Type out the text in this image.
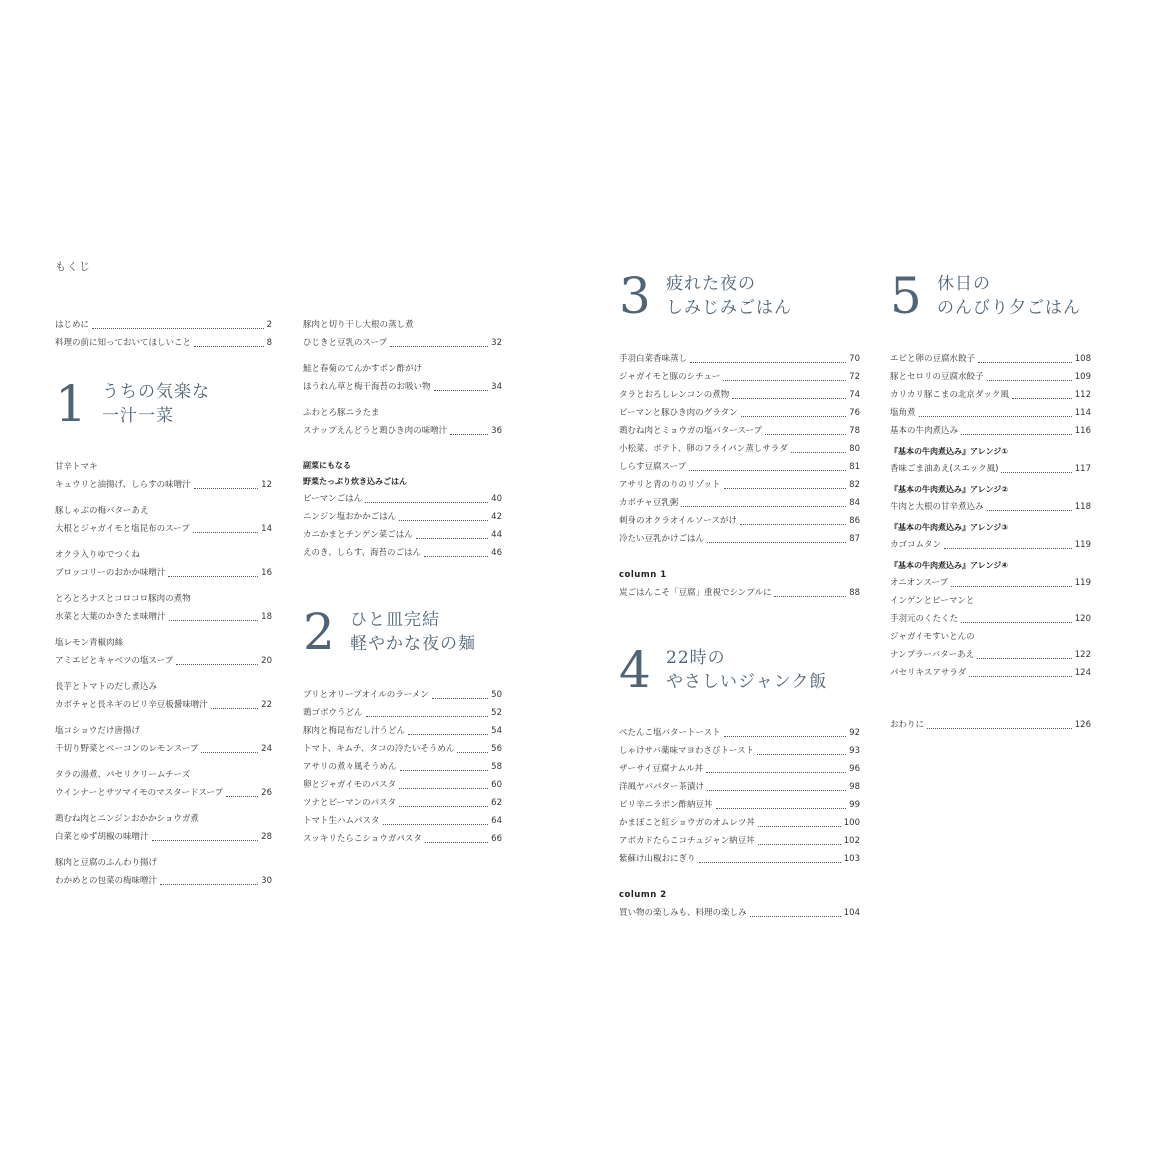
もくじ
はじめに	2
料理の前に知っておいてほしいこと	8
1 うちの気楽な
一汁一菜
甘辛トマキ
キュウリと油揚げ、しらすの味噌汁	12
豚しゃぶの梅バターあえ
大根とジャガイモと塩昆布のスープ	14
オクラ入りゆでつくね
ブロッコリーのおかか味噌汁	16
とろとろナスとコロコロ豚肉の煮物
水菜と大葉のかきたま味噌汁	18
塩レモン青椒肉絲
アミエビとキャベツの塩スープ	20
長芋とトマトのだし煮込み
カボチャと長ネギのピリ辛豆板醤味噌汁	22
塩コショウだけ唐揚げ
千切り野菜とベーコンのレモンスープ	24
タラの湯煮、パセリクリームチーズ
ウインナーとサツマイモのマスタードスープ	26
鶏むね肉とニンジンおかかショウガ煮
白菜とゆず胡椒の味噌汁	28
豚肉と豆腐のふんわり揚げ
わかめとの包菜の梅味噌汁	30
豚肉と切り干し大根の蒸し煮
ひじきと豆乳のスープ	32
鮭と春菊のてんかすポン酢がけ
ほうれん草と梅干海苔のお吸い物	34
ふわとろ豚ニラたま
スナップえんどうと鶏ひき肉の味噌汁	36
副菜にもなる
野菜たっぷり炊き込みごはん
ピーマンごはん	40
ニンジン塩おかかごはん	42
カニかまとチンゲン菜ごはん	44
えのき、しらす、海苔のごはん	46
2 ひと皿完結
軽やかな夜の麺
ブリとオリーブオイルのラーメン	50
鶏ゴボウうどん	52
豚肉と梅昆布だし汁うどん	54
トマト、キムチ、タコの冷たいそうめん	56
アサリの煮々風そうめん	58
卵とジャガイモのパスタ	60
ツナとピーマンのパスタ	62
トマト生ハムパスタ	64
スッキリたらこショウガパスタ	66
3 疲れた夜の
しみじみごはん
手羽白菜香味蒸し	70
ジャガイモと豚のシチュー	72
タラとおろしレンコンの煮物	74
ピーマンと豚ひき肉のグラタン	76
鶏むね肉とミョウガの塩バタースープ	78
小松菜、ポテト、卵のフライパン蒸しサラダ	80
しらす豆腐スープ	81
アサリと青のりのリゾット	82
カボチャ豆乳粥	84
刺身のオクラオイルソースがけ	86
冷たい豆乳かけごはん	87
column 1
炭ごはんこそ「豆腐」重視でシンプルに	88
4 22時の
やさしいジャンク飯
ぺたんこ塩バタートースト	92
しゃけサバ薬味マヨわさびトースト	93
ザーサイ豆腐ナムル丼	96
洋風ヤバパター茶漬け	98
ピリ辛ニラポン酢納豆丼	99
かまぼこと紅ショウガのオムレツ丼	100
アボカドたらこコチュジャン納豆丼	102
紫蘇け山椒おにぎり	103
column 2
買い物の楽しみも、料理の楽しみ	104
5 休日の
のんびり夕ごはん
エビと卵の豆腐水餃子	108
豚とセロリの豆腐水餃子	109
カリカリ豚こまの北京ダック風	112
塩角煮	114
基本の牛肉煮込み	116
『基本の牛肉煮込み』アレンジ①
香味ごま油あえ(スエック風)	117
『基本の牛肉煮込み』アレンジ②
牛肉と大根の甘辛煮込み	118
『基本の牛肉煮込み』アレンジ③
カゴコムタン	119
『基本の牛肉煮込み』アレンジ④
オニオンスープ	119
インゲンとピーマンと
手羽元のくたくた	120
ジャガイモすいとんの
ナンプラーバターあえ	122
パセリキスアサラダ	124
おわりに	126
